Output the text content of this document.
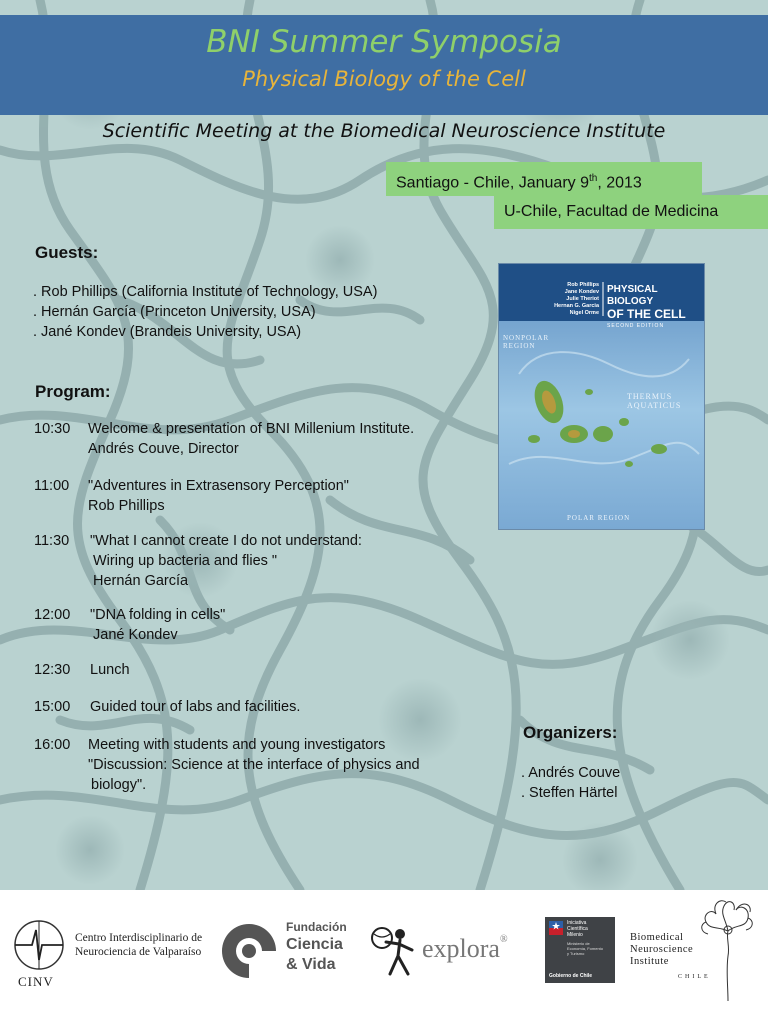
BNI Summer Symposia
Physical Biology of the Cell
Scientific Meeting at the Biomedical Neuroscience Institute
Santiago - Chile, January 9th, 2013
U-Chile, Facultad de Medicina
Guests:
. Rob Phillips (California Institute of Technology, USA)
. Hernán García (Princeton University, USA)
. Jané Kondev (Brandeis University, USA)
Program:
10:30	Welcome & presentation of BNI Millenium Institute.
Andrés Couve, Director
11:00	"Adventures in Extrasensory Perception"
Rob Phillips
11:30	"What I cannot create I do not understand:
Wiring up bacteria and flies "
Hernán García
12:00	"DNA folding in cells"
Jané Kondev
12:30	Lunch
15:00	Guided tour of labs and facilities.
16:00	Meeting with students and young investigators
"Discussion: Science at the interface of physics and
biology".
Rob Phillips
Jane Kondev
Julie Theriot
Hernan G. Garcia
Nigel Orme
PHYSICAL BIOLOGY
OF THE CELL
SECOND EDITION
NONPOLAR REGION
THERMUS AQUATICUS
POLAR REGION
Organizers:
. Andrés Couve
. Steffen Härtel
Centro Interdisciplinario de
Neurociencia de Valparaíso
CINV
Fundación
Ciencia
& Vida
explora®
Iniciativa
Científica
Milenio
Ministerio de
Economía, Fomento
y Turismo
Gobierno de Chile
Biomedical
Neuroscience
Institute
CHILE
